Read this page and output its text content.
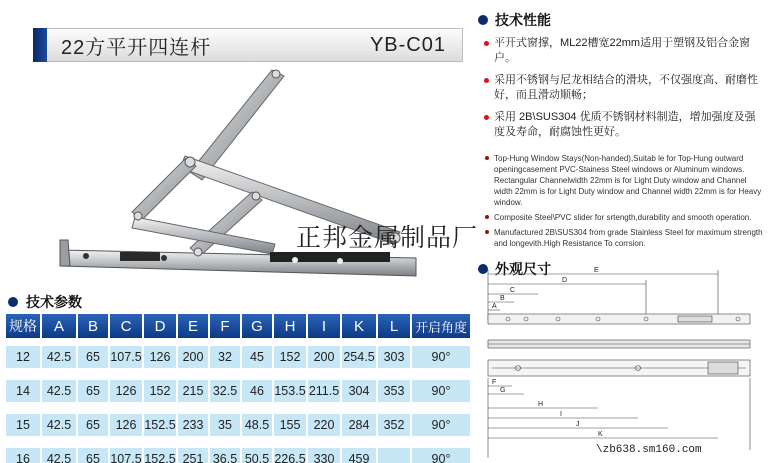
22方平开四连杆	YB-C01
正邦金属制品厂
技术参数
规格	A	B	C	D	E	F	G	H	I	K	L	开启角度

12	42.5	65	107.5	126	200	32	45	152	200	254.5	303	90°

14	42.5	65	126	152	215	32.5	46	153.5	211.5	304	353	90°

15	42.5	65	126	152.5	233	35	48.5	155	220	284	352	90°

16	42.5	65	107.5	152.5	251	36.5	50.5	226.5	330	459		90°
技术性能
平开式窗撑，ML22槽宽22mm适用于塑钢及铝合金窗户。
采用不锈钢与尼龙相结合的滑块，不仅强度高、耐磨性好，而且滑动顺畅；
采用 2B\SUS304 优质不锈钢材料制造，增加强度及强度及寿命，耐腐蚀性更好。
Top-Hung Window Stays(Non-handed),Suitab le for Top-Hung outward openingcasement PVC-Stainess Steel windows or Aluminum windows. Rectangular Channelwidth 22mm is for Light Duty window and Channel width 22mm is for Light Duty window and Channel width 22mm is for Heavy window.
Composite Steel\PVC slider for srtength,durability and smooth operation.
Manufactured 2B\SUS304 from grade Stainless Steel for maximum strength and longevith.High Resistance To corrsion.
外观尺寸	E
D
C
B
A
F
G
H
I
J
K
\zb638.sm160.com
